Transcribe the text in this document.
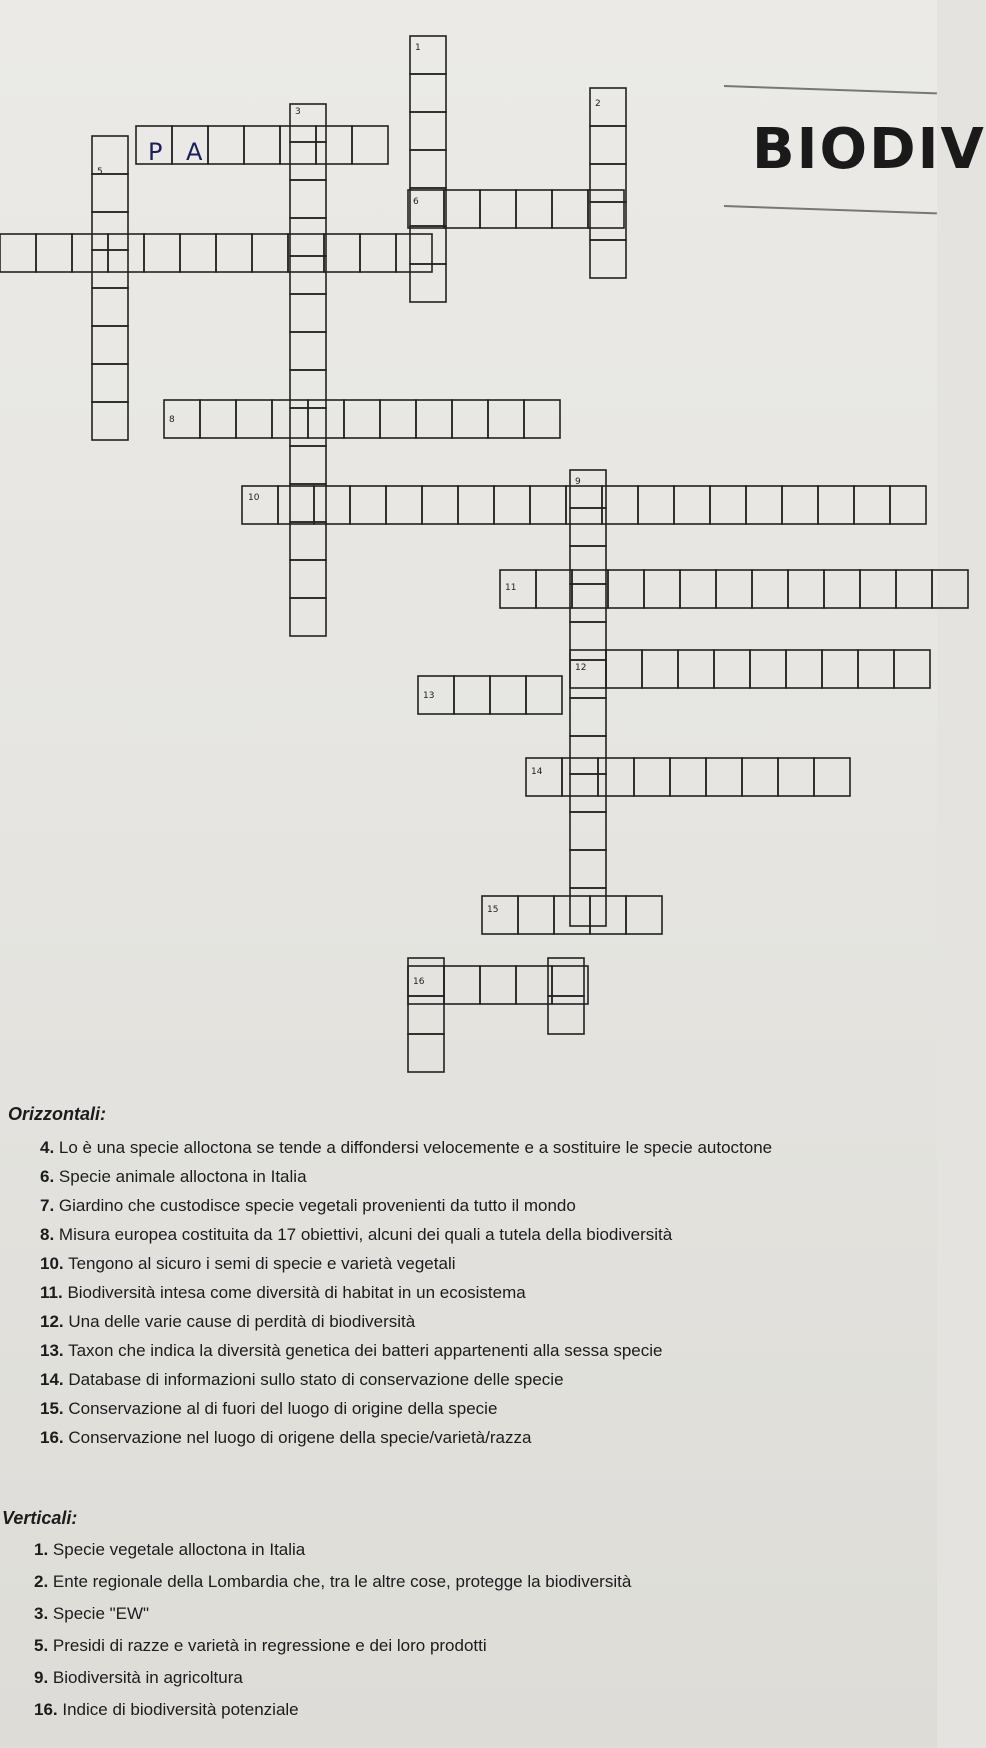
1
2
3
5
6
8
9
10
11
12
13
14
15
16
P A	BIODIV
Orizzontali:
4. Lo è una specie alloctona se tende a diffondersi velocemente e a sostituire le specie autoctone
6. Specie animale alloctona in Italia
7. Giardino che custodisce specie vegetali provenienti da tutto il mondo
8. Misura europea costituita da 17 obiettivi, alcuni dei quali a tutela della biodiversità
10. Tengono al sicuro i semi di specie e varietà vegetali
11. Biodiversità intesa come diversità di habitat in un ecosistema
12. Una delle varie cause di perdità di biodiversità
13. Taxon che indica la diversità genetica dei batteri appartenenti alla sessa specie
14. Database di informazioni sullo stato di conservazione delle specie
15. Conservazione al di fuori del luogo di origine della specie
16. Conservazione nel luogo di origene della specie/varietà/razza
Verticali:
1. Specie vegetale alloctona in Italia
2. Ente regionale della Lombardia che, tra le altre cose, protegge la biodiversità
3. Specie "EW"
5. Presidi di razze e varietà in regressione e dei loro prodotti
9. Biodiversità in agricoltura
16. Indice di biodiversità potenziale
